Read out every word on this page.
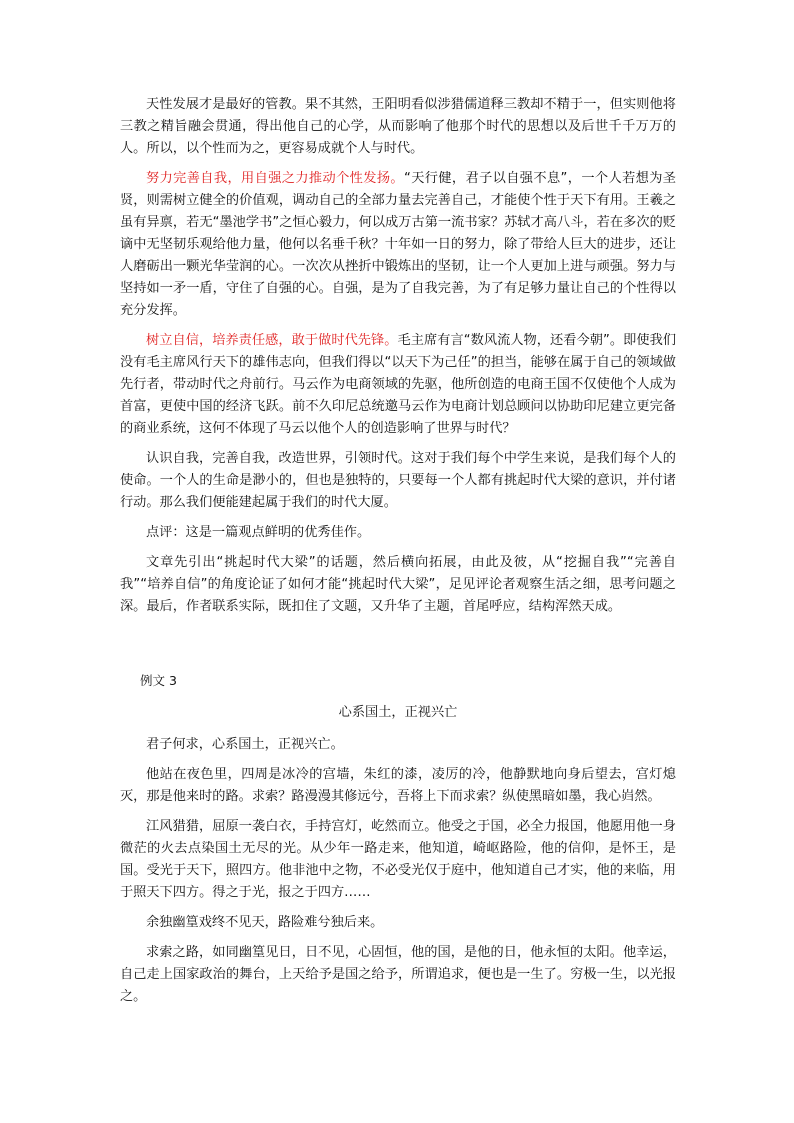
天性发展才是最好的管教。果不其然，王阳明看似涉猎儒道释三教却不精于一，但实则他将三教之精旨融会贯通，得出他自己的心学，从而影响了他那个时代的思想以及后世千千万万的人。所以，以个性而为之，更容易成就个人与时代。

努力完善自我，用自强之力推动个性发扬。“天行健，君子以自强不息”，一个人若想为圣贤，则需树立健全的价值观，调动自己的全部力量去完善自己，才能使个性于天下有用。王羲之虽有异禀，若无“墨池学书”之恒心毅力，何以成万古第一流书家？苏轼才高八斗，若在多次的贬谪中无坚韧乐观给他力量，他何以名垂千秋？十年如一日的努力，除了带给人巨大的进步，还让人磨砺出一颗光华莹润的心。一次次从挫折中锻炼出的坚韧，让一个人更加上进与顽强。努力与坚持如一矛一盾，守住了自强的心。自强，是为了自我完善，为了有足够力量让自己的个性得以充分发挥。

树立自信，培养责任感，敢于做时代先锋。毛主席有言“数风流人物，还看今朝”。即使我们没有毛主席风行天下的雄伟志向，但我们得以“以天下为己任”的担当，能够在属于自己的领域做先行者，带动时代之舟前行。马云作为电商领域的先驱，他所创造的电商王国不仅使他个人成为首富，更使中国的经济飞跃。前不久印尼总统邀马云作为电商计划总顾问以协助印尼建立更完备的商业系统，这何不体现了马云以他个人的创造影响了世界与时代？

认识自我，完善自我，改造世界，引领时代。这对于我们每个中学生来说，是我们每个人的使命。一个人的生命是渺小的，但也是独特的，只要每一个人都有挑起时代大梁的意识，并付诸行动。那么我们便能建起属于我们的时代大厦。

点评：这是一篇观点鲜明的优秀佳作。

文章先引出“挑起时代大梁”的话题，然后横向拓展，由此及彼，从“挖掘自我”“完善自我”“培养自信”的角度论证了如何才能“挑起时代大梁”，足见评论者观察生活之细，思考问题之深。最后，作者联系实际，既扣住了文题，又升华了主题，首尾呼应，结构浑然天成。

例文 3

心系国土，正视兴亡

君子何求，心系国土，正视兴亡。

他站在夜色里，四周是冰冷的宫墙，朱红的漆，凌厉的冷，他静默地向身后望去，宫灯熄灭，那是他来时的路。求索？路漫漫其修远兮，吾将上下而求索？纵使黑暗如墨，我心岿然。

江风猎猎，屈原一袭白衣，手持宫灯，屹然而立。他受之于国，必全力报国，他愿用他一身微茫的火去点染国土无尽的光。从少年一路走来，他知道，崎岖路险，他的信仰，是怀王，是国。受光于天下，照四方。他非池中之物，不必受光仅于庭中，他知道自己才实，他的来临，用于照天下四方。得之于光，报之于四方……

余独幽篁戏终不见天，路险难兮独后来。

求索之路，如同幽篁见日，日不见，心固恒，他的国，是他的日，他永恒的太阳。他幸运，自己走上国家政治的舞台，上天给予是国之给予，所谓追求，便也是一生了。穷极一生，以光报之。
